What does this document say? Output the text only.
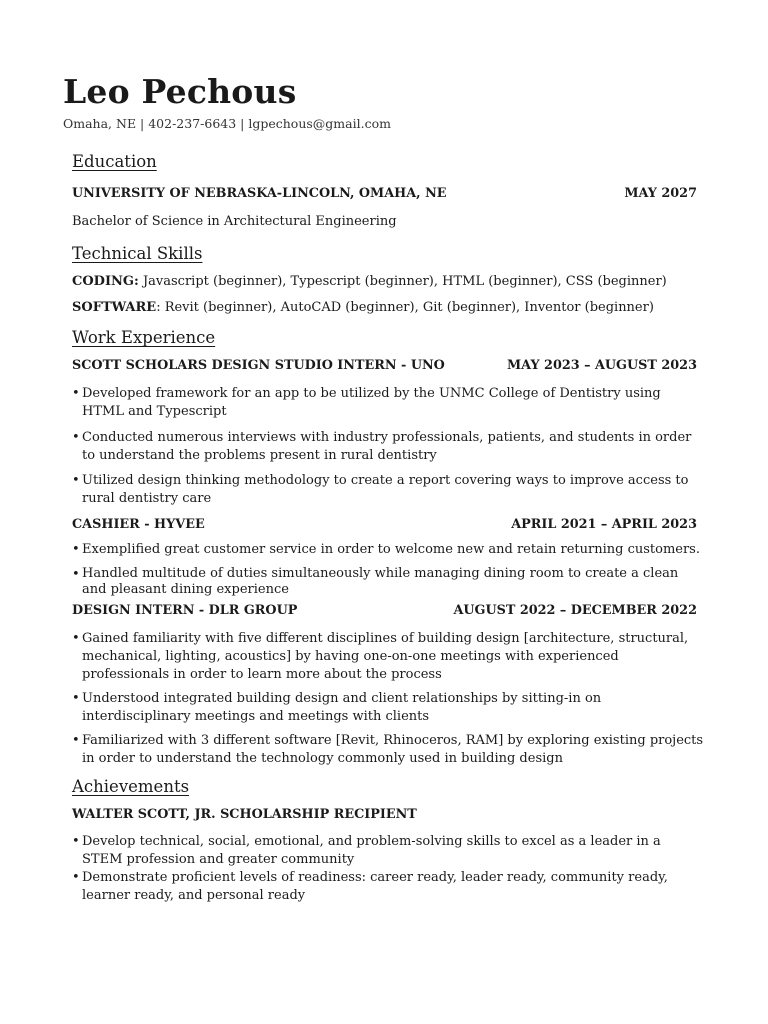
Leo Pechous
Omaha, NE | 402-237-6643 | lgpechous@gmail.com
Education
UNIVERSITY OF NEBRASKA-LINCOLN, OMAHA, NE	MAY 2027
Bachelor of Science in Architectural Engineering
Technical Skills
CODING: Javascript (beginner), Typescript (beginner), HTML (beginner), CSS (beginner)
SOFTWARE: Revit (beginner), AutoCAD (beginner), Git (beginner), Inventor (beginner)
Work Experience
SCOTT SCHOLARS DESIGN STUDIO INTERN - UNO	MAY 2023 – AUGUST 2023
• Developed framework for an app to be utilized by the UNMC College of Dentistry using HTML and Typescript
• Conducted numerous interviews with industry professionals, patients, and students in order to understand the problems present in rural dentistry
• Utilized design thinking methodology to create a report covering ways to improve access to rural dentistry care
CASHIER - HYVEE	APRIL 2021 – APRIL 2023
• Exemplified great customer service in order to welcome new and retain returning customers.
• Handled multitude of duties simultaneously while managing dining room to create a clean and pleasant dining experience
DESIGN INTERN - DLR GROUP	AUGUST 2022 – DECEMBER 2022
• Gained familiarity with five different disciplines of building design [architecture, structural, mechanical, lighting, acoustics] by having one-on-one meetings with experienced professionals in order to learn more about the process
• Understood integrated building design and client relationships by sitting-in on interdisciplinary meetings and meetings with clients
• Familiarized with 3 different software [Revit, Rhinoceros, RAM] by exploring existing projects in order to understand the technology commonly used in building design
Achievements
WALTER SCOTT, JR. SCHOLARSHIP RECIPIENT
• Develop technical, social, emotional, and problem-solving skills to excel as a leader in a STEM profession and greater community
• Demonstrate proficient levels of readiness: career ready, leader ready, community ready, learner ready, and personal ready
